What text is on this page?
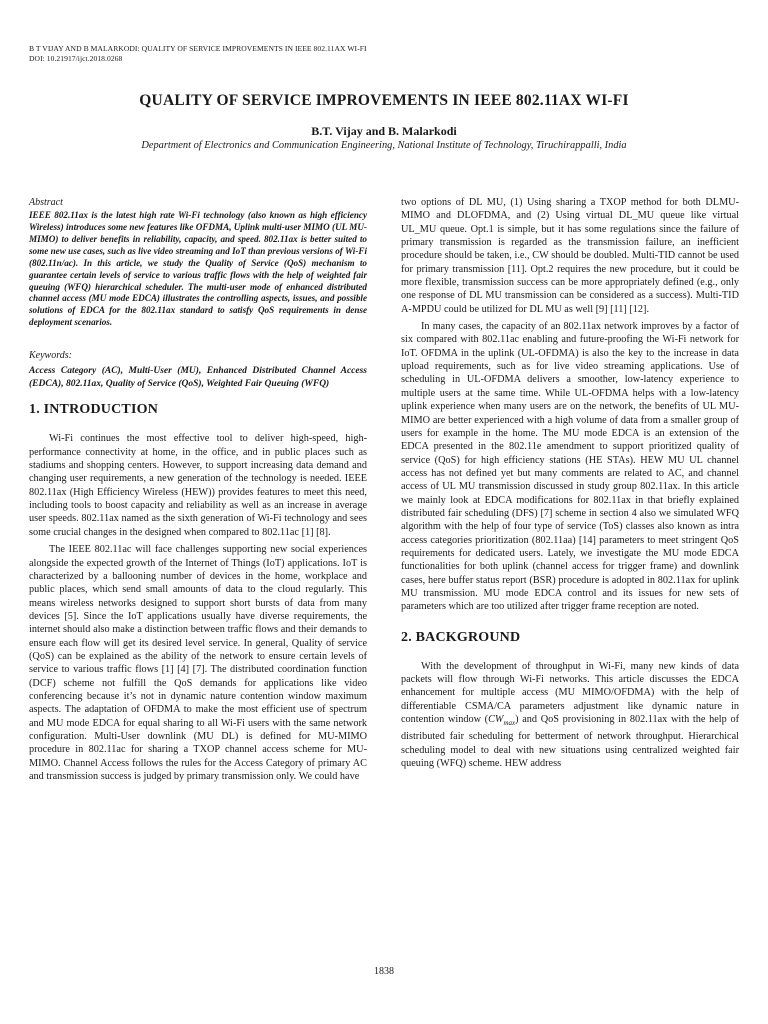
B T VIJAY AND B MALARKODI: QUALITY OF SERVICE IMPROVEMENTS IN IEEE 802.11AX WI-FI
DOI: 10.21917/ijct.2018.0268
QUALITY OF SERVICE IMPROVEMENTS IN IEEE 802.11AX WI-FI
B.T. Vijay and B. Malarkodi
Department of Electronics and Communication Engineering, National Institute of Technology, Tiruchirappalli, India
Abstract

IEEE 802.11ax is the latest high rate Wi-Fi technology (also known as high efficiency Wireless) introduces some new features like OFDMA, Uplink multi-user MIMO (UL MU-MIMO) to deliver benefits in reliability, capacity, and speed. 802.11ax is better suited to some new use cases, such as live video streaming and IoT than previous versions of Wi-Fi (802.11n/ac). In this article, we study the Quality of Service (QoS) mechanism to guarantee certain levels of service to various traffic flows with the help of weighted fair queuing (WFQ) hierarchical scheduler. The multi-user mode of enhanced distributed channel access (MU mode EDCA) illustrates the controlling aspects, issues, and possible solutions of EDCA for the 802.11ax standard to satisfy QoS requirements in dense deployment scenarios.

Keywords:

Access Category (AC), Multi-User (MU), Enhanced Distributed Channel Access (EDCA), 802.11ax, Quality of Service (QoS), Weighted Fair Queuing (WFQ)

1. INTRODUCTION

Wi-Fi continues the most effective tool to deliver high-speed, high-performance connectivity at home, in the office, and in public places such as stadiums and shopping centers. However, to support increasing data demand and changing user requirements, a new generation of the technology is needed. IEEE 802.11ax (High Efficiency Wireless (HEW)) provides features to meet this need, including tools to boost capacity and reliability as well as an increase in average user speeds. 802.11ax named as the sixth generation of Wi-Fi technology and sees some crucial changes in the designed when compared to 802.11ac [1] [8].

The IEEE 802.11ac will face challenges supporting new social experiences alongside the expected growth of the Internet of Things (IoT) applications. IoT is characterized by a ballooning number of devices in the home, workplace and public places, which send small amounts of data to the cloud regularly. This means wireless networks designed to support short bursts of data from many devices [5]. Since the IoT applications usually have diverse requirements, the internet should also make a distinction between traffic flows and their demands to ensure each flow will get its desired level service. In general, Quality of service (QoS) can be explained as the ability of the network to ensure certain levels of service to various traffic flows [1] [4] [7]. The distributed coordination function (DCF) scheme not fulfill the QoS demands for applications like video conferencing because it’s not in dynamic nature contention window maximum aspects. The adaptation of OFDMA to make the most efficient use of spectrum and MU mode EDCA for equal sharing to all Wi-Fi users with the same network configuration. Multi-User downlink (MU DL) is defined for MU-MIMO procedure in 802.11ac for sharing a TXOP channel access scheme for MU-MIMO. Channel Access follows the rules for the Access Category of primary AC and transmission success is judged by primary transmission only. We could have

two options of DL MU, (1) Using sharing a TXOP method for both DLMU-MIMO and DLOFDMA, and (2) Using virtual DL_MU queue like virtual UL_MU queue. Opt.1 is simple, but it has some regulations since the failure of primary transmission is regarded as the transmission failure, an inefficient procedure should be taken, i.e., CW should be doubled. Multi-TID cannot be used for primary transmission [11]. Opt.2 requires the new procedure, but it could be more flexible, transmission success can be more appropriately defined (e.g., only one response of DL MU transmission can be considered as a success). Multi-TID A-MPDU could be utilized for DL MU as well [9] [11] [12].

In many cases, the capacity of an 802.11ax network improves by a factor of six compared with 802.11ac enabling and future-proofing the Wi-Fi network for IoT. OFDMA in the uplink (UL-OFDMA) is also the key to the increase in data upload requirements, such as for live video streaming applications. Use of scheduling in UL-OFDMA delivers a smoother, low-latency experience to multiple users at the same time. While UL-OFDMA helps with a low-latency uplink experience when many users are on the network, the benefits of UL MU-MIMO are better experienced with a high volume of data from a smaller group of users for example in the home. The MU mode EDCA is an extension of the EDCA presented in the 802.11e amendment to support prioritized quality of service (QoS) for high efficiency stations (HE STAs). HEW MU UL channel access has not defined yet but many comments are related to AC, and channel access of UL MU transmission discussed in study group 802.11ax. In this article we mainly look at EDCA modifications for 802.11ax in that briefly explained distributed fair scheduling (DFS) [7] scheme in section 4 also we simulated WFQ algorithm with the help of four type of service (ToS) classes also known as intra access categories prioritization (802.11aa) [14] parameters to meet stringent QoS requirements for dedicated users. Lately, we investigate the MU mode EDCA functionalities for both uplink (channel access for trigger frame) and downlink cases, here buffer status report (BSR) procedure is adopted in 802.11ax for uplink MU transmission. MU mode EDCA control and its issues for new sets of parameters which are too utilized after trigger frame reception are noted.

2. BACKGROUND

With the development of throughput in Wi-Fi, many new kinds of data packets will flow through Wi-Fi networks. This article discusses the EDCA enhancement for multiple access (MU MIMO/OFDMA) with the help of differentiable CSMA/CA parameters adjustment like dynamic nature in contention window $(CW_{max})$ and QoS provisioning in 802.11ax with the help of distributed fair scheduling for betterment of network throughput. Hierarchical scheduling model to deal with new situations using centralized weighted fair queuing (WFQ) scheme. HEW address

1838
